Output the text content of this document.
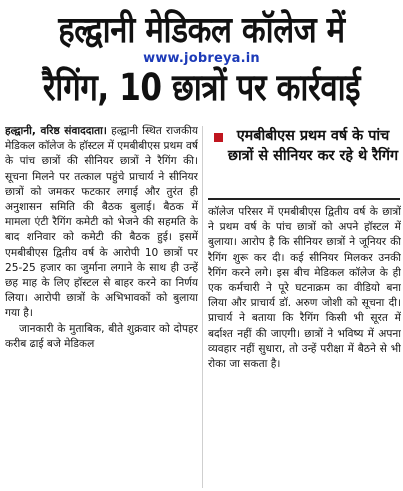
हल्द्वानी मेडिकल कॉलेज में
www.jobreya.in
रैगिंग, 10 छात्रों पर कार्रवाई

हल्द्वानी, वरिष्ठ संवाददाता। हल्द्वानी स्थित राजकीय मेडिकल कॉलेज के हॉस्टल में एमबीबीएस प्रथम वर्ष के पांच छात्रों की सीनियर छात्रों ने रैगिंग की। सूचना मिलने पर तत्काल पहुंचे प्राचार्य ने सीनियर छात्रों को जमकर फटकार लगाई और तुरंत ही अनुशासन समिति की बैठक बुलाई। बैठक में मामला एंटी रैगिंग कमेटी को भेजने की सहमति के बाद शनिवार को कमेटी की बैठक हुई। इसमें एमबीबीएस द्वितीय वर्ष के आरोपी 10 छात्रों पर 25-25 हजार का जुर्माना लगाने के साथ ही उन्हें छह माह के लिए हॉस्टल से बाहर करने का निर्णय लिया। आरोपी छात्रों के अभिभावकों को बुलाया गया है।

जानकारी के मुताबिक, बीते शुक्रवार को दोपहर करीब ढाई बजे मेडिकल

एमबीबीएस प्रथम वर्ष के पांच छात्रों से सीनियर कर रहे थे रैगिंग

कॉलेज परिसर में एमबीबीएस द्वितीय वर्ष के छात्रों ने प्रथम वर्ष के पांच छात्रों को अपने हॉस्टल में बुलाया। आरोप है कि सीनियर छात्रों ने जूनियर की रैगिंग शुरू कर दी। कई सीनियर मिलकर उनकी रैगिंग करने लगे। इस बीच मेडिकल कॉलेज के ही एक कर्मचारी ने पूरे घटनाक्रम का वीडियो बना लिया और प्राचार्य डॉ. अरुण जोशी को सूचना दी। प्राचार्य ने बताया कि रैगिंग किसी भी सूरत में बर्दाश्त नहीं की जाएगी। छात्रों ने भविष्य में अपना व्यवहार नहीं सुधारा, तो उन्हें परीक्षा में बैठने से भी रोका जा सकता है।
